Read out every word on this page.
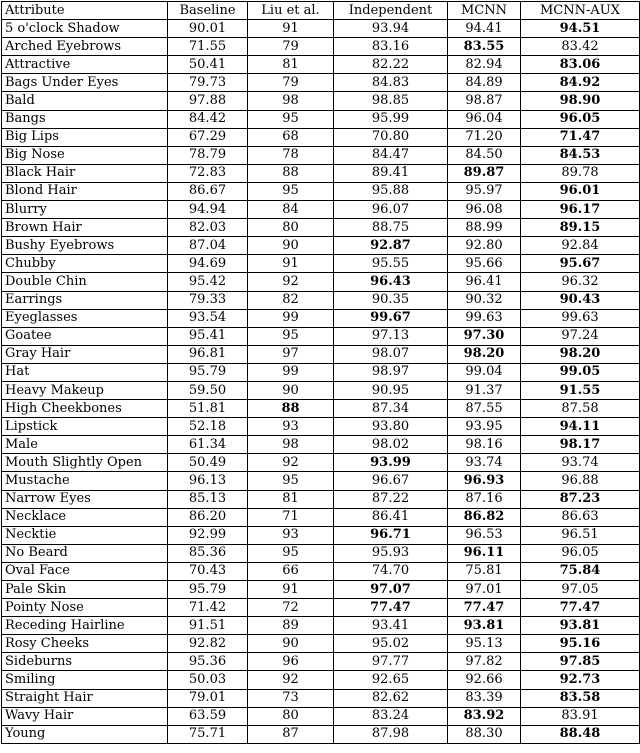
Attribute	Baseline	Liu et al.	Independent	MCNN	MCNN-AUX
5 o'clock Shadow	90.01	91	93.94	94.41	94.51
Arched Eyebrows	71.55	79	83.16	83.55	83.42
Attractive	50.41	81	82.22	82.94	83.06
Bags Under Eyes	79.73	79	84.83	84.89	84.92
Bald	97.88	98	98.85	98.87	98.90
Bangs	84.42	95	95.99	96.04	96.05
Big Lips	67.29	68	70.80	71.20	71.47
Big Nose	78.79	78	84.47	84.50	84.53
Black Hair	72.83	88	89.41	89.87	89.78
Blond Hair	86.67	95	95.88	95.97	96.01
Blurry	94.94	84	96.07	96.08	96.17
Brown Hair	82.03	80	88.75	88.99	89.15
Bushy Eyebrows	87.04	90	92.87	92.80	92.84
Chubby	94.69	91	95.55	95.66	95.67
Double Chin	95.42	92	96.43	96.41	96.32
Earrings	79.33	82	90.35	90.32	90.43
Eyeglasses	93.54	99	99.67	99.63	99.63
Goatee	95.41	95	97.13	97.30	97.24
Gray Hair	96.81	97	98.07	98.20	98.20
Hat	95.79	99	98.97	99.04	99.05
Heavy Makeup	59.50	90	90.95	91.37	91.55
High Cheekbones	51.81	88	87.34	87.55	87.58
Lipstick	52.18	93	93.80	93.95	94.11
Male	61.34	98	98.02	98.16	98.17
Mouth Slightly Open	50.49	92	93.99	93.74	93.74
Mustache	96.13	95	96.67	96.93	96.88
Narrow Eyes	85.13	81	87.22	87.16	87.23
Necklace	86.20	71	86.41	86.82	86.63
Necktie	92.99	93	96.71	96.53	96.51
No Beard	85.36	95	95.93	96.11	96.05
Oval Face	70.43	66	74.70	75.81	75.84
Pale Skin	95.79	91	97.07	97.01	97.05
Pointy Nose	71.42	72	77.47	77.47	77.47
Receding Hairline	91.51	89	93.41	93.81	93.81
Rosy Cheeks	92.82	90	95.02	95.13	95.16
Sideburns	95.36	96	97.77	97.82	97.85
Smiling	50.03	92	92.65	92.66	92.73
Straight Hair	79.01	73	82.62	83.39	83.58
Wavy Hair	63.59	80	83.24	83.92	83.91
Young	75.71	87	87.98	88.30	88.48
